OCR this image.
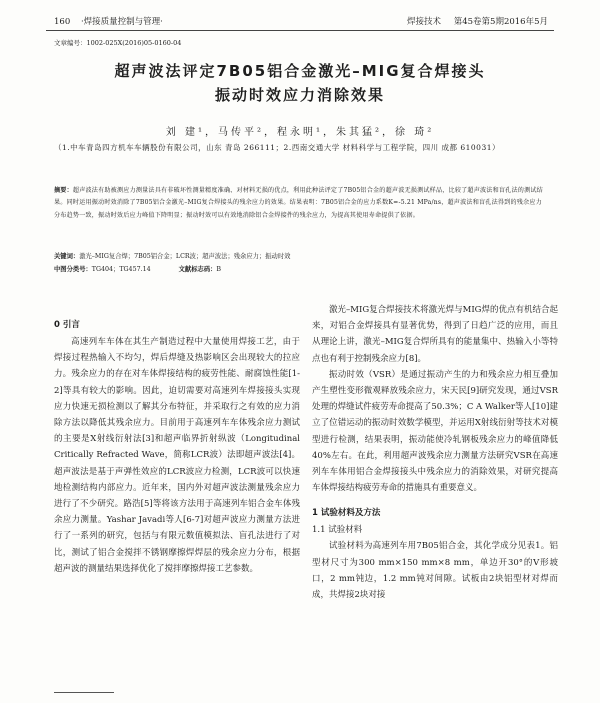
160 ·焊接质量控制与管理·	焊接技术 第45卷第5期2016年5月
文章编号：1002-025X(2016)05-0160-04
超声波法评定7B05铝合金激光–MIG复合焊接头
振动时效应力消除效果
刘 建¹，马传平²，程永明¹，朱其猛²，徐 琦²
（1.中车青岛四方机车车辆股份有限公司，山东 青岛 266111；2.西南交通大学 材料科学与工程学院，四川 成都 610031）
摘要：超声波法有助被测应力测量法具有非破坏性测量精度准确、对材料无损的优点，利用此种法评定了7B05铝合金的超声波无损测试样品，比较了超声波法和盲孔法的测试结果。同时运用振动时效消除了7B05铝合金激光–MIG复合焊接头的残余应力的效果。结果表明：7B05铝合金的应力系数K=-5.21 MPa/ns，超声波法和盲孔法得到的残余应力分布趋势一致，振动时效后应力峰值下降明显；振动时效可以有效地消除铝合金焊接件的残余应力，为提高其使用寿命提供了依据。
关键词：激光–MIG复合焊；7B05铝合金；LCR波；超声波法；残余应力；振动时效
中图分类号：TG404；TG457.14	文献标志码：B
0 引言

高速列车车体在其生产制造过程中大量使用焊接工艺，由于焊接过程热输入不均匀，焊后焊缝及热影响区会出现较大的拉应力。残余应力的存在对车体焊接结构的疲劳性能、耐腐蚀性能[1-2]等具有较大的影响。因此，迫切需要对高速列车焊接接头实现应力快速无损检测以了解其分布特征，并采取行之有效的应力消除方法以降低其残余应力。目前用于高速列车车体残余应力测试的主要是X射线衍射法[3]和超声临界折射纵波（Longitudinal Critically Refracted Wave，简称LCR波）法即超声波法[4]。超声波法是基于声弹性效应的LCR波应力检测，LCR波可以快速地检测结构内部应力。近年来，国内外对超声波法测量残余应力进行了不少研究。路浩[5]等将该方法用于高速列车铝合金车体残余应力测量。Yashar Javadi等人[6-7]对超声波应力测量方法进行了一系列的研究，包括与有限元数值模拟法、盲孔法进行了对比，测试了铝合金搅拌不锈钢摩擦焊焊层的残余应力分布，根据超声波的测量结果选择优化了搅拌摩擦焊接工艺参数。

激光–MIG复合焊接技术将激光焊与MIG焊的优点有机结合起来，对铝合金焊接具有显著优势，得到了日趋广泛的应用，而且从理论上讲，激光–MIG复合焊所具有的能量集中、热输入小等特点也有利于控制残余应力[8]。

振动时效（VSR）是通过振动产生的力和残余应力相互叠加产生塑性变形微观释放残余应力，宋天民[9]研究发现，通过VSR处理的焊缝试件疲劳寿命提高了50.3%；C A Walker等人[10]建立了位错运动的振动时效数学模型，并运用X射线衍射等技术对模型进行检测，结果表明，振动能使冷轧钢板残余应力的峰值降低40%左右。在此，利用超声波残余应力测量方法研究VSR在高速列车车体用铝合金焊接接头中残余应力的消除效果，对研究提高车体焊接结构疲劳寿命的措施具有重要意义。

1 试验材料及方法
1.1 试验材料

试验材料为高速列车用7B05铝合金，其化学成分见表1。铝型材尺寸为300 mm×150 mm×8 mm，单边开30°的V形坡口，2 mm钝边，1.2 mm钝对间隙。试板由2块铝型材对焊而成，共焊接2块对接
